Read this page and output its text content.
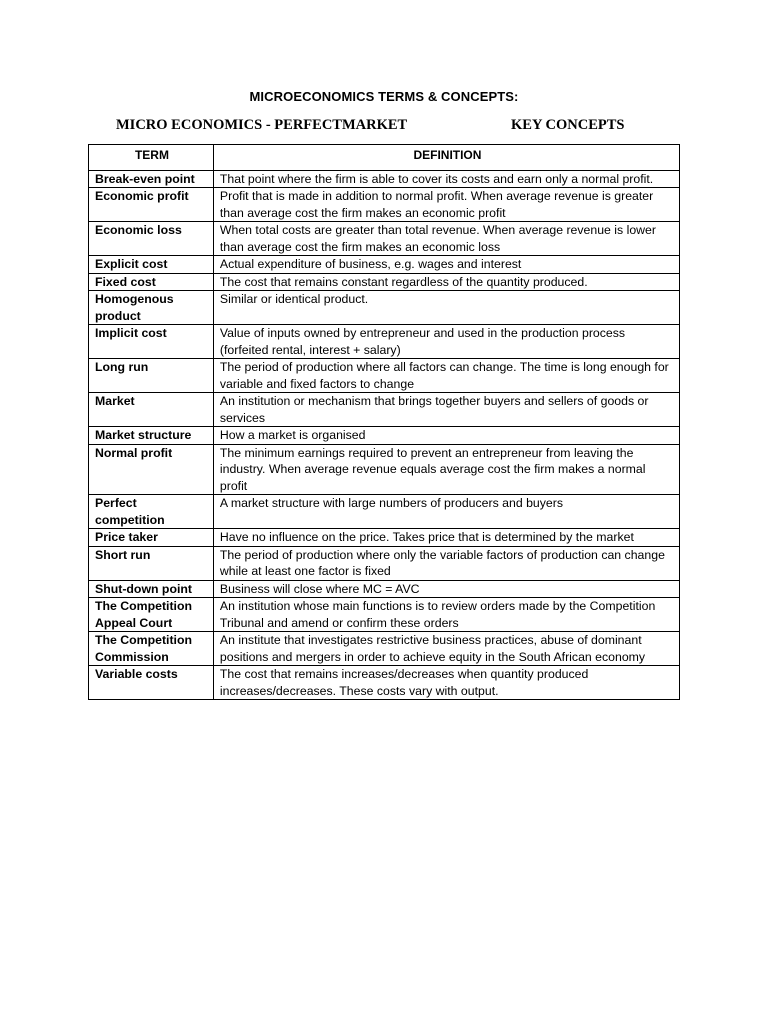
MICROECONOMICS TERMS & CONCEPTS:
MICRO ECONOMICS - PERFECTMARKET	KEY CONCEPTS
TERM	DEFINITION
Break-even point	That point where the firm is able to cover its costs and earn only a normal profit.
Economic profit	Profit that is made in addition to normal profit. When average revenue is greater than average cost the firm makes an economic profit
Economic loss	When total costs are greater than total revenue. When average revenue is lower than average cost the firm makes an economic loss
Explicit cost	Actual expenditure of business, e.g. wages and interest
Fixed cost	The cost that remains constant regardless of the quantity produced.
Homogenous product	Similar or identical product.
Implicit cost	Value of inputs owned by entrepreneur and used in the production process (forfeited rental, interest + salary)
Long run	The period of production where all factors can change. The time is long enough for variable and fixed factors to change
Market	An institution or mechanism that brings together buyers and sellers of goods or services
Market structure	How a market is organised
Normal profit	The minimum earnings required to prevent an entrepreneur from leaving the industry. When average revenue equals average cost the firm makes a normal profit
Perfect competition	A market structure with large numbers of producers and buyers
Price taker	Have no influence on the price. Takes price that is determined by the market
Short run	The period of production where only the variable factors of production can change while at least one factor is fixed
Shut-down point	Business will close where MC = AVC
The Competition Appeal Court	An institution whose main functions is to review orders made by the Competition Tribunal and amend or confirm these orders
The Competition Commission	An institute that investigates restrictive business practices, abuse of dominant positions and mergers in order to achieve equity in the South African economy
Variable costs	The cost that remains increases/decreases when quantity produced increases/decreases. These costs vary with output.
